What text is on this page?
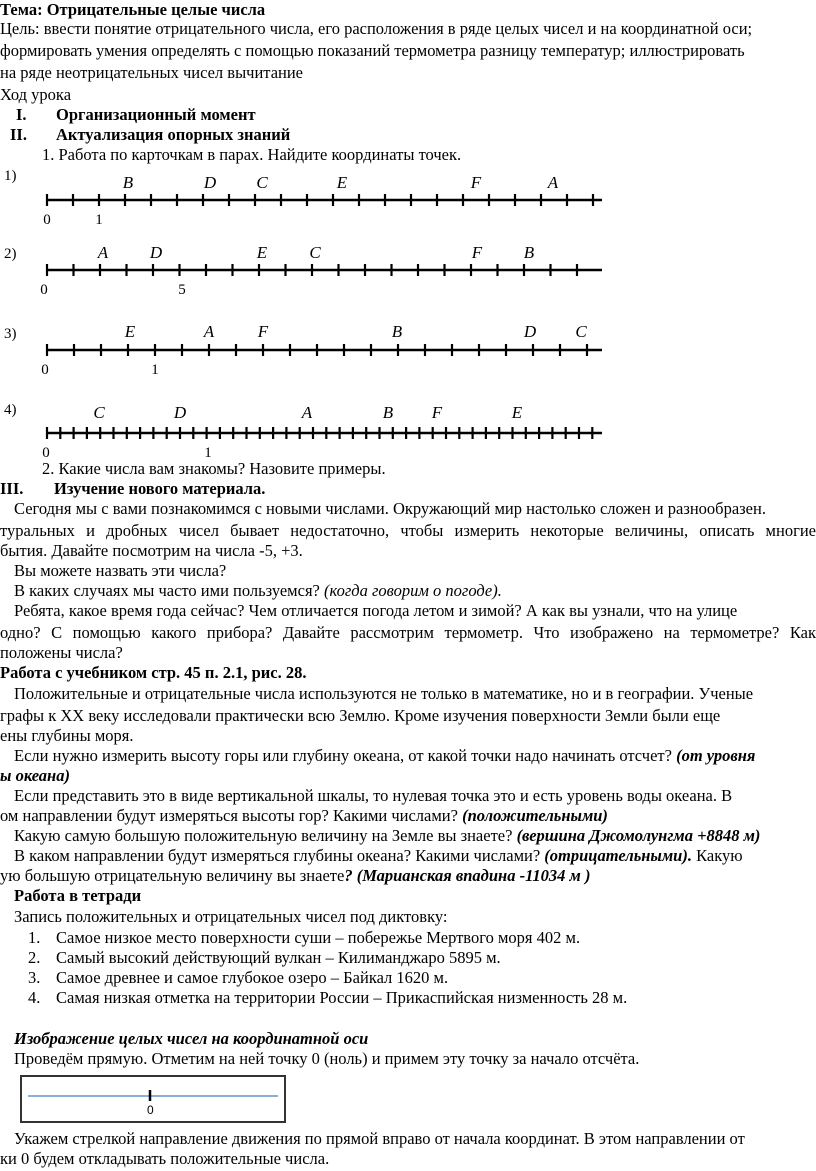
Тема: Отрицательные целые числа
Цель: ввести понятие отрицательного числа, его расположения в ряде целых чисел и на координатной оси;
формировать умения определять с помощью показаний термометра разницу температур; иллюстрировать
на ряде неотрицательных чисел вычитание
Ход урока
I. Организационный момент
II. Актуализация опорных знаний
1. Работа по карточкам в парах. Найдите координаты точек.
1)	B	D C	E	F	A
0	1
2)	A D	E C	F B
0	5
3)	E	A	F	B	D C
0	1
4)	C	D	A	B F	E
0	1
2. Какие числа вам знакомы? Назовите примеры.
III. Изучение нового материала.
Сегодня мы с вами познакомимся с новыми числами. Окружающий мир настолько сложен и разнообразен.
туральных и дробных чисел бывает недостаточно, чтобы измерить некоторые величины, описать многие
бытия. Давайте посмотрим на числа -5, +3.
Вы можете назвать эти числа?
В каких случаях мы часто ими пользуемся? (когда говорим о погоде).
Ребята, какое время года сейчас? Чем отличается погода летом и зимой? А как вы узнали, что на улице
одно? С помощью какого прибора? Давайте рассмотрим термометр. Что изображено на термометре? Как
положены числа?
Работа с учебником стр. 45 п. 2.1, рис. 28.
Положительные и отрицательные числа используются не только в математике, но и в географии. Ученые
графы к XX веку исследовали практически всю Землю. Кроме изучения поверхности Земли были еще
ены глубины моря.
Если нужно измерить высоту горы или глубину океана, от какой точки надо начинать отсчет? (от уровня
ы океана)
Если представить это в виде вертикальной шкалы, то нулевая точка это и есть уровень воды океана. В
ом направлении будут измеряться высоты гор? Какими числами? (положительными)
Какую самую большую положительную величину на Земле вы знаете? (вершина Джомолунгма +8848 м)
В каком направлении будут измеряться глубины океана? Какими числами? (отрицательными). Какую
ую большую отрицательную величину вы знаете? (Марианская впадина -11034 м )
Работа в тетради
Запись положительных и отрицательных чисел под диктовку:
1. Самое низкое место поверхности суши – побережье Мертвого моря 402 м.
2. Самый высокий действующий вулкан – Килиманджаро 5895 м.
3. Самое древнее и самое глубокое озеро – Байкал 1620 м.
4. Самая низкая отметка на территории России – Прикаспийская низменность 28 м.
Изображение целых чисел на координатной оси
Проведём прямую. Отметим на ней точку 0 (ноль) и примем эту точку за начало отсчёта.
0
Укажем стрелкой направление движения по прямой вправо от начала координат. В этом направлении от
ки 0 будем откладывать положительные числа.
